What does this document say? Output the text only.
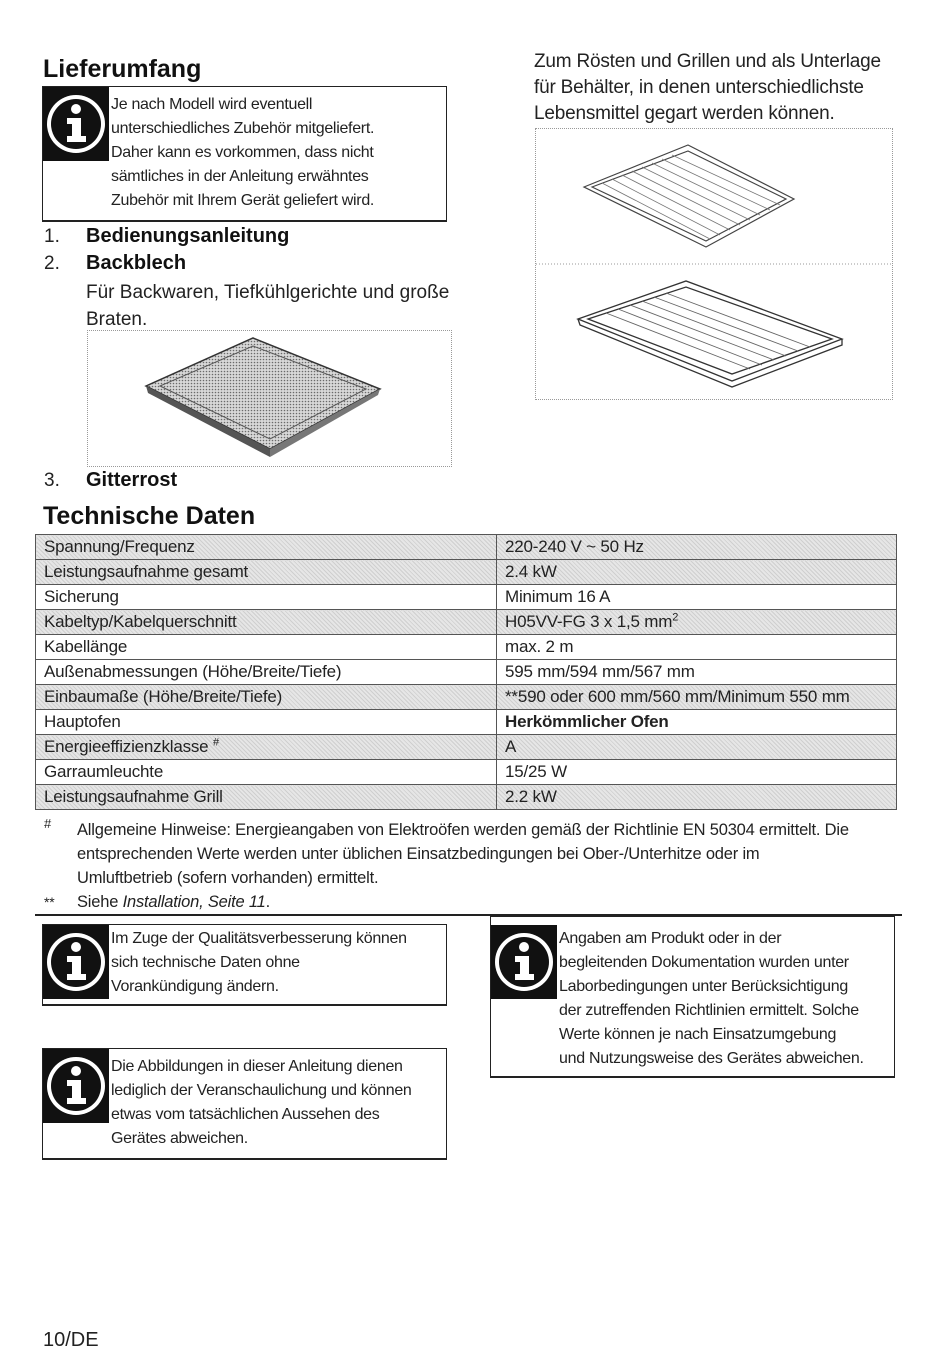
Lieferumfang
Je nach Modell wird eventuell
unterschiedliches Zubehör mitgeliefert.
Daher kann es vorkommen, dass nicht
sämtliches in der Anleitung erwähntes
Zubehör mit Ihrem Gerät geliefert wird.
1. Bedienungsanleitung
2. Backblech
Für Backwaren, Tiefkühlgerichte und große
Braten.
3. Gitterrost
Zum Rösten und Grillen und als Unterlage
für Behälter, in denen unterschiedlichste
Lebensmittel gegart werden können.
Technische Daten
Spannung/Frequenz	220-240 V ~ 50 Hz
Leistungsaufnahme gesamt	2.4 kW
Sicherung	Minimum 16 A
Kabeltyp/Kabelquerschnitt	H05VV-FG 3 x 1,5 $mm^2$
Kabellänge	max. 2 m
Außenabmessungen (Höhe/Breite/Tiefe)	595 mm/594 mm/567 mm
Einbaumaße (Höhe/Breite/Tiefe)	**590 oder 600 mm/560 mm/Minimum 550 mm
Hauptofen	Herkömmlicher Ofen
Energieeffizienzklasse #	A
Garraumleuchte	15/25 W
Leistungsaufnahme Grill	2.2 kW
# Allgemeine Hinweise: Energieangaben von Elektroöfen werden gemäß der Richtlinie EN 50304 ermittelt. Die
entsprechenden Werte werden unter üblichen Einsatzbedingungen bei Ober-/Unterhitze oder im
Umluftbetrieb (sofern vorhanden) ermittelt.
** Siehe Installation, Seite 11.
Im Zuge der Qualitätsverbesserung können
sich technische Daten ohne
Vorankündigung ändern.
Angaben am Produkt oder in der
begleitenden Dokumentation wurden unter
Laborbedingungen unter Berücksichtigung
der zutreffenden Richtlinien ermittelt. Solche
Werte können je nach Einsatzumgebung
und Nutzungsweise des Gerätes abweichen.
Die Abbildungen in dieser Anleitung dienen
lediglich der Veranschaulichung und können
etwas vom tatsächlichen Aussehen des
Gerätes abweichen.
10/DE
